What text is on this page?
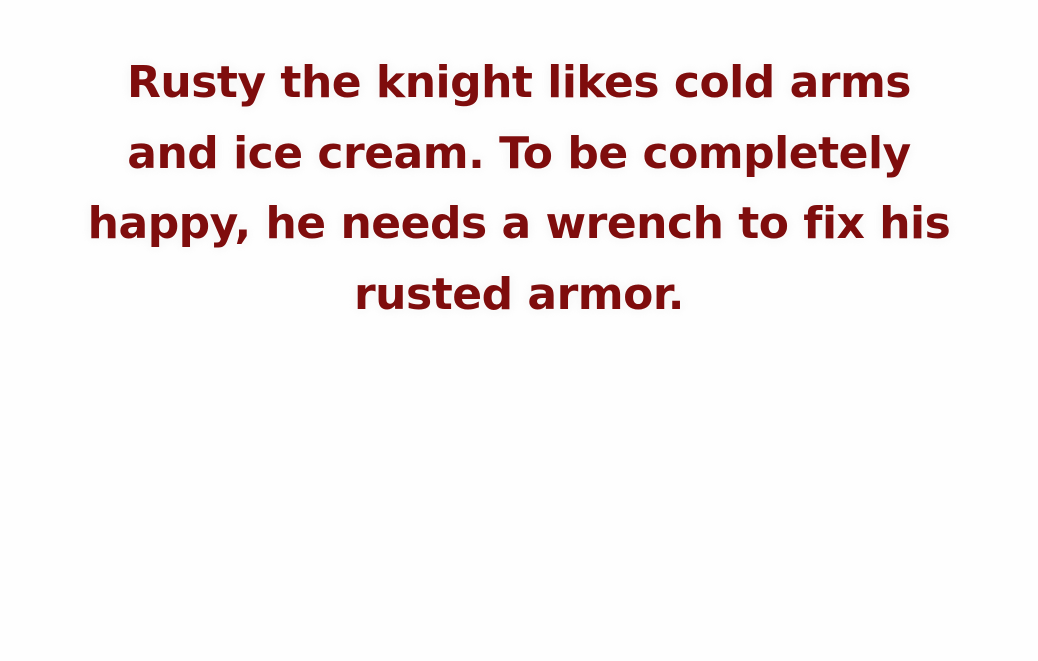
Rusty the knight likes cold arms
and ice cream. To be completely
happy, he needs a wrench to fix his
rusted armor.
